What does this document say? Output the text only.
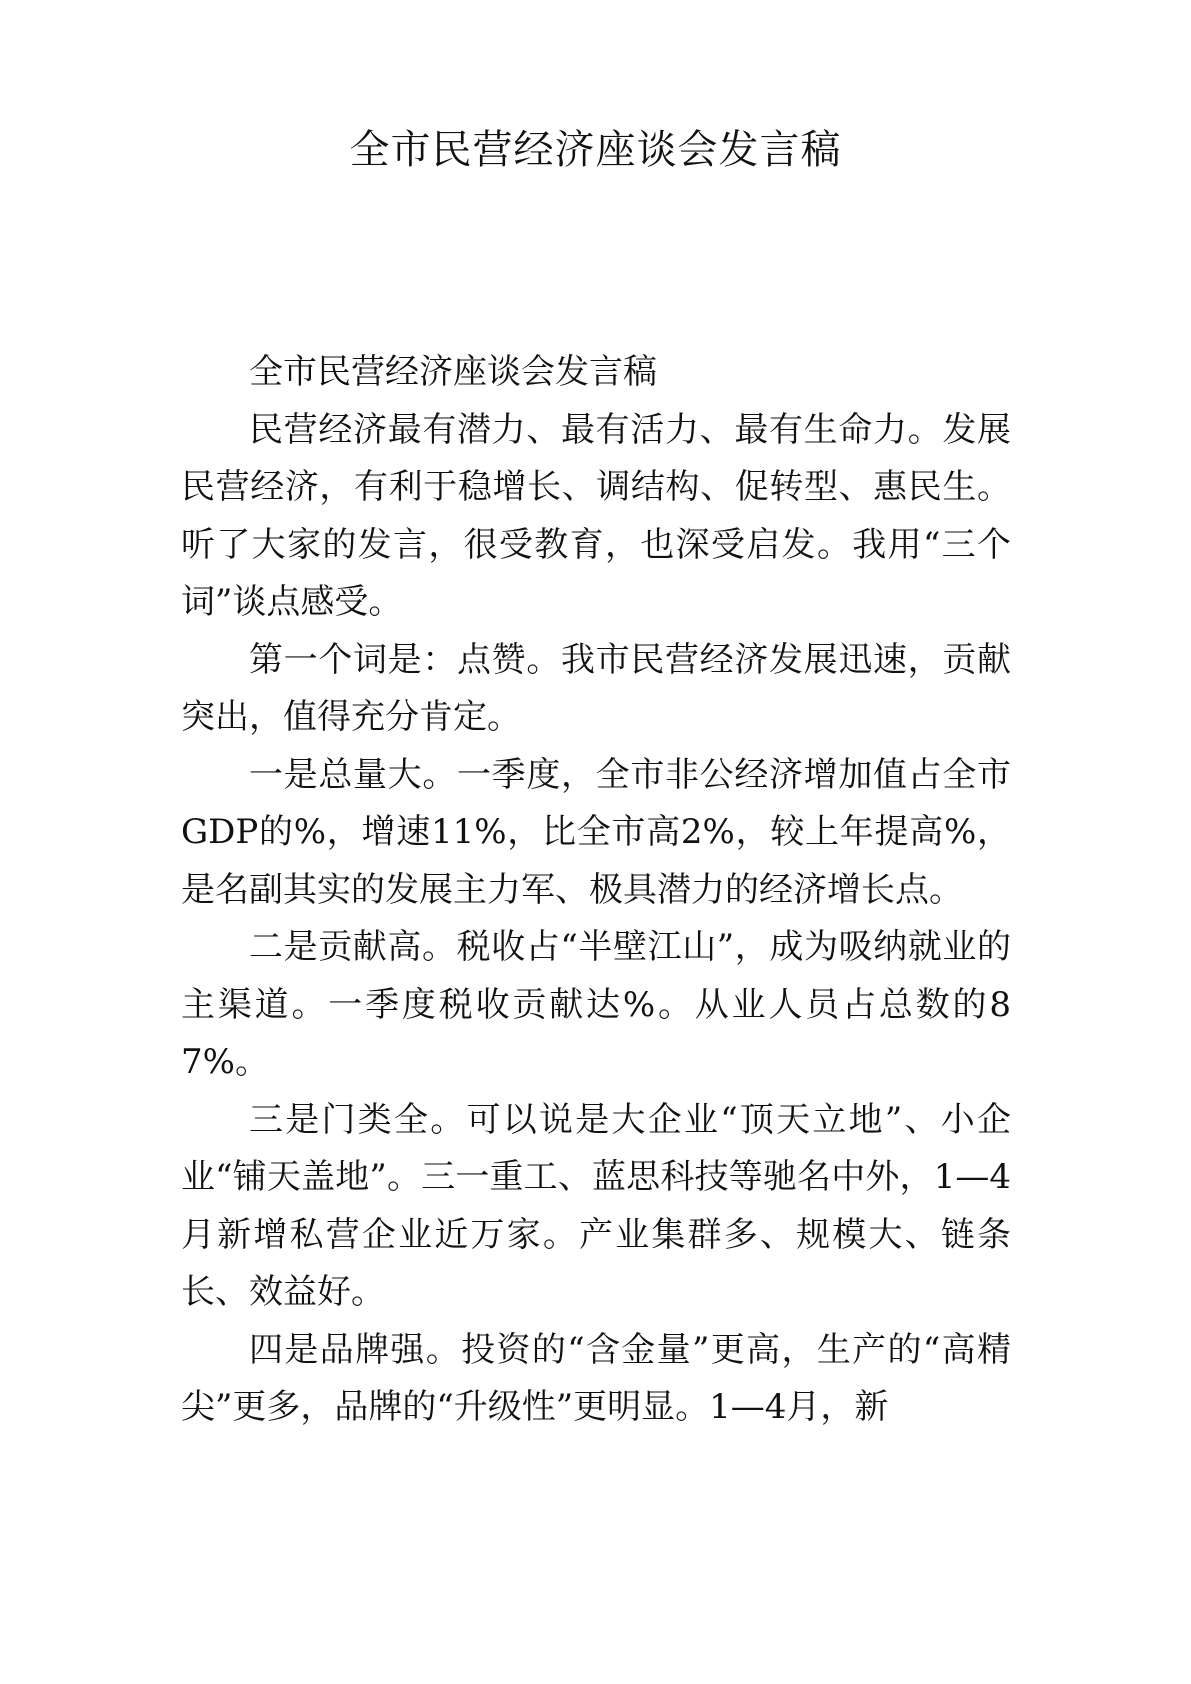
全市民营经济座谈会发言稿

全市民营经济座谈会发言稿

民营经济最有潜力、最有活力、最有生命力。发展民营经济，有利于稳增长、调结构、促转型、惠民生。听了大家的发言，很受教育，也深受启发。我用“三个词”谈点感受。

第一个词是：点赞。我市民营经济发展迅速，贡献突出，值得充分肯定。

一是总量大。一季度，全市非公经济增加值占全市GDP的%，增速11%，比全市高2%，较上年提高%，是名副其实的发展主力军、极具潜力的经济增长点。

二是贡献高。税收占“半壁江山”，成为吸纳就业的主渠道。一季度税收贡献达%。从业人员占总数的87%。

三是门类全。可以说是大企业“顶天立地”、小企业“铺天盖地”。三一重工、蓝思科技等驰名中外，1—4月新增私营企业近万家。产业集群多、规模大、链条长、效益好。

四是品牌强。投资的“含金量”更高，生产的“高精尖”更多，品牌的“升级性”更明显。1—4月，新
